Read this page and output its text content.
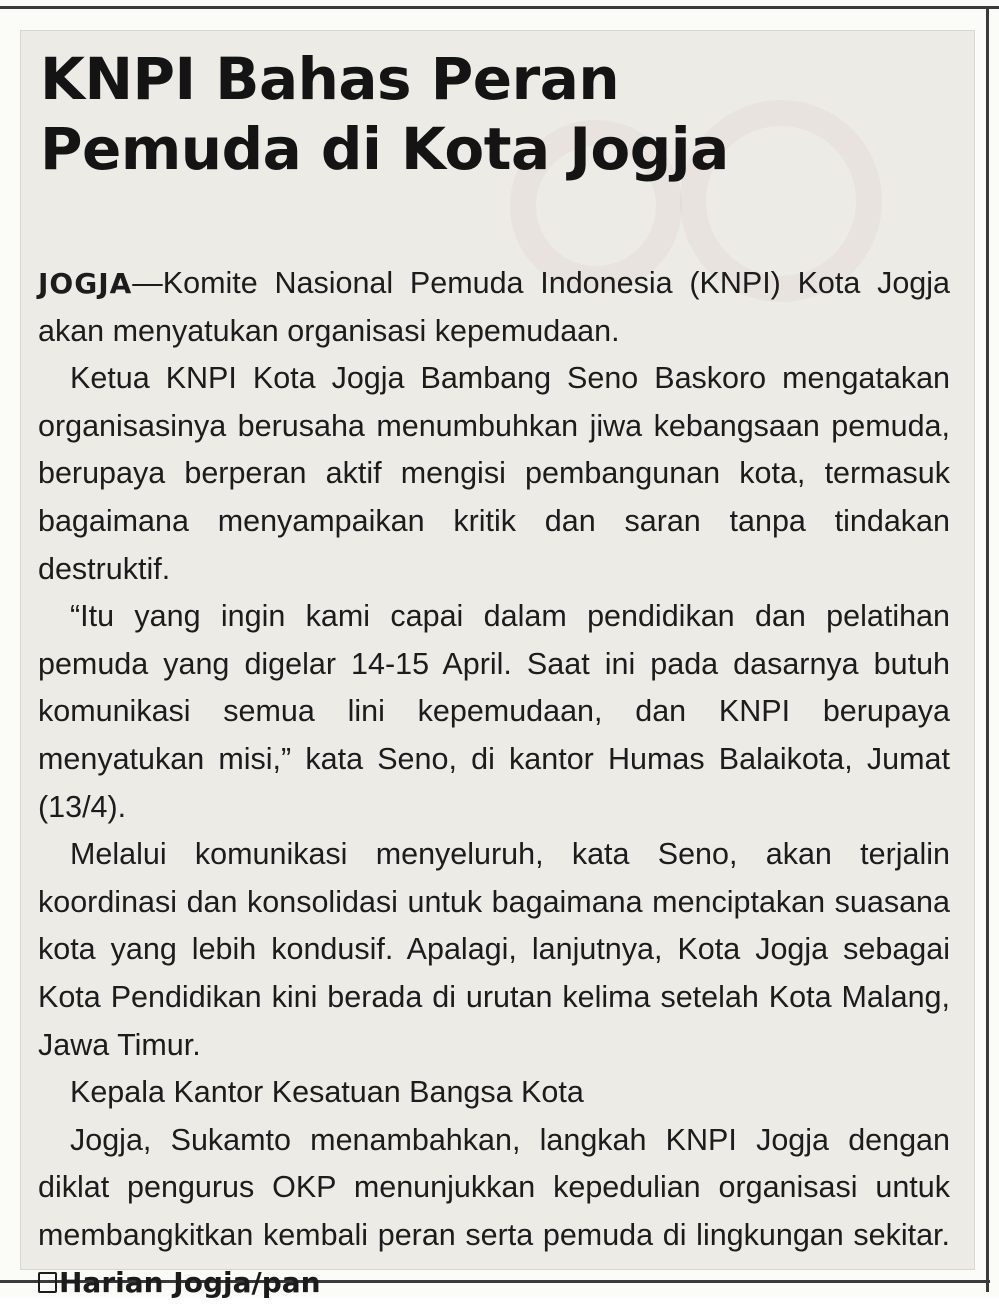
KNPI Bahas Peran
Pemuda di Kota Jogja

JOGJA—Komite Nasional Pemuda Indonesia (KNPI) Kota Jogja akan menyatukan organisasi kepemudaan.

Ketua KNPI Kota Jogja Bambang Seno Baskoro mengatakan organisasinya berusaha menumbuhkan jiwa kebangsaan pemuda, berupaya berperan aktif mengisi pembangunan kota, termasuk bagaimana menyampaikan kritik dan saran tanpa tindakan destruktif.

“Itu yang ingin kami capai dalam pendidikan dan pelatihan pemuda yang digelar 14-15 April. Saat ini pada dasarnya butuh komunikasi semua lini kepemudaan, dan KNPI berupaya menyatukan misi,” kata Seno, di kantor Humas Balaikota, Jumat (13/4).

Melalui komunikasi menyeluruh, kata Seno, akan terjalin koordinasi dan konsolidasi untuk bagaimana menciptakan suasana kota yang lebih kondusif. Apalagi, lanjutnya, Kota Jogja sebagai Kota Pendidikan kini berada di urutan kelima setelah Kota Malang, Jawa Timur.

Kepala Kantor Kesatuan Bangsa Kota

Jogja, Sukamto menambahkan, langkah KNPI Jogja dengan diklat pengurus OKP menunjukkan kepedulian organisasi untuk membangkitkan kembali peran serta pemuda di lingkungan sekitar. Harian Jogja/pan
